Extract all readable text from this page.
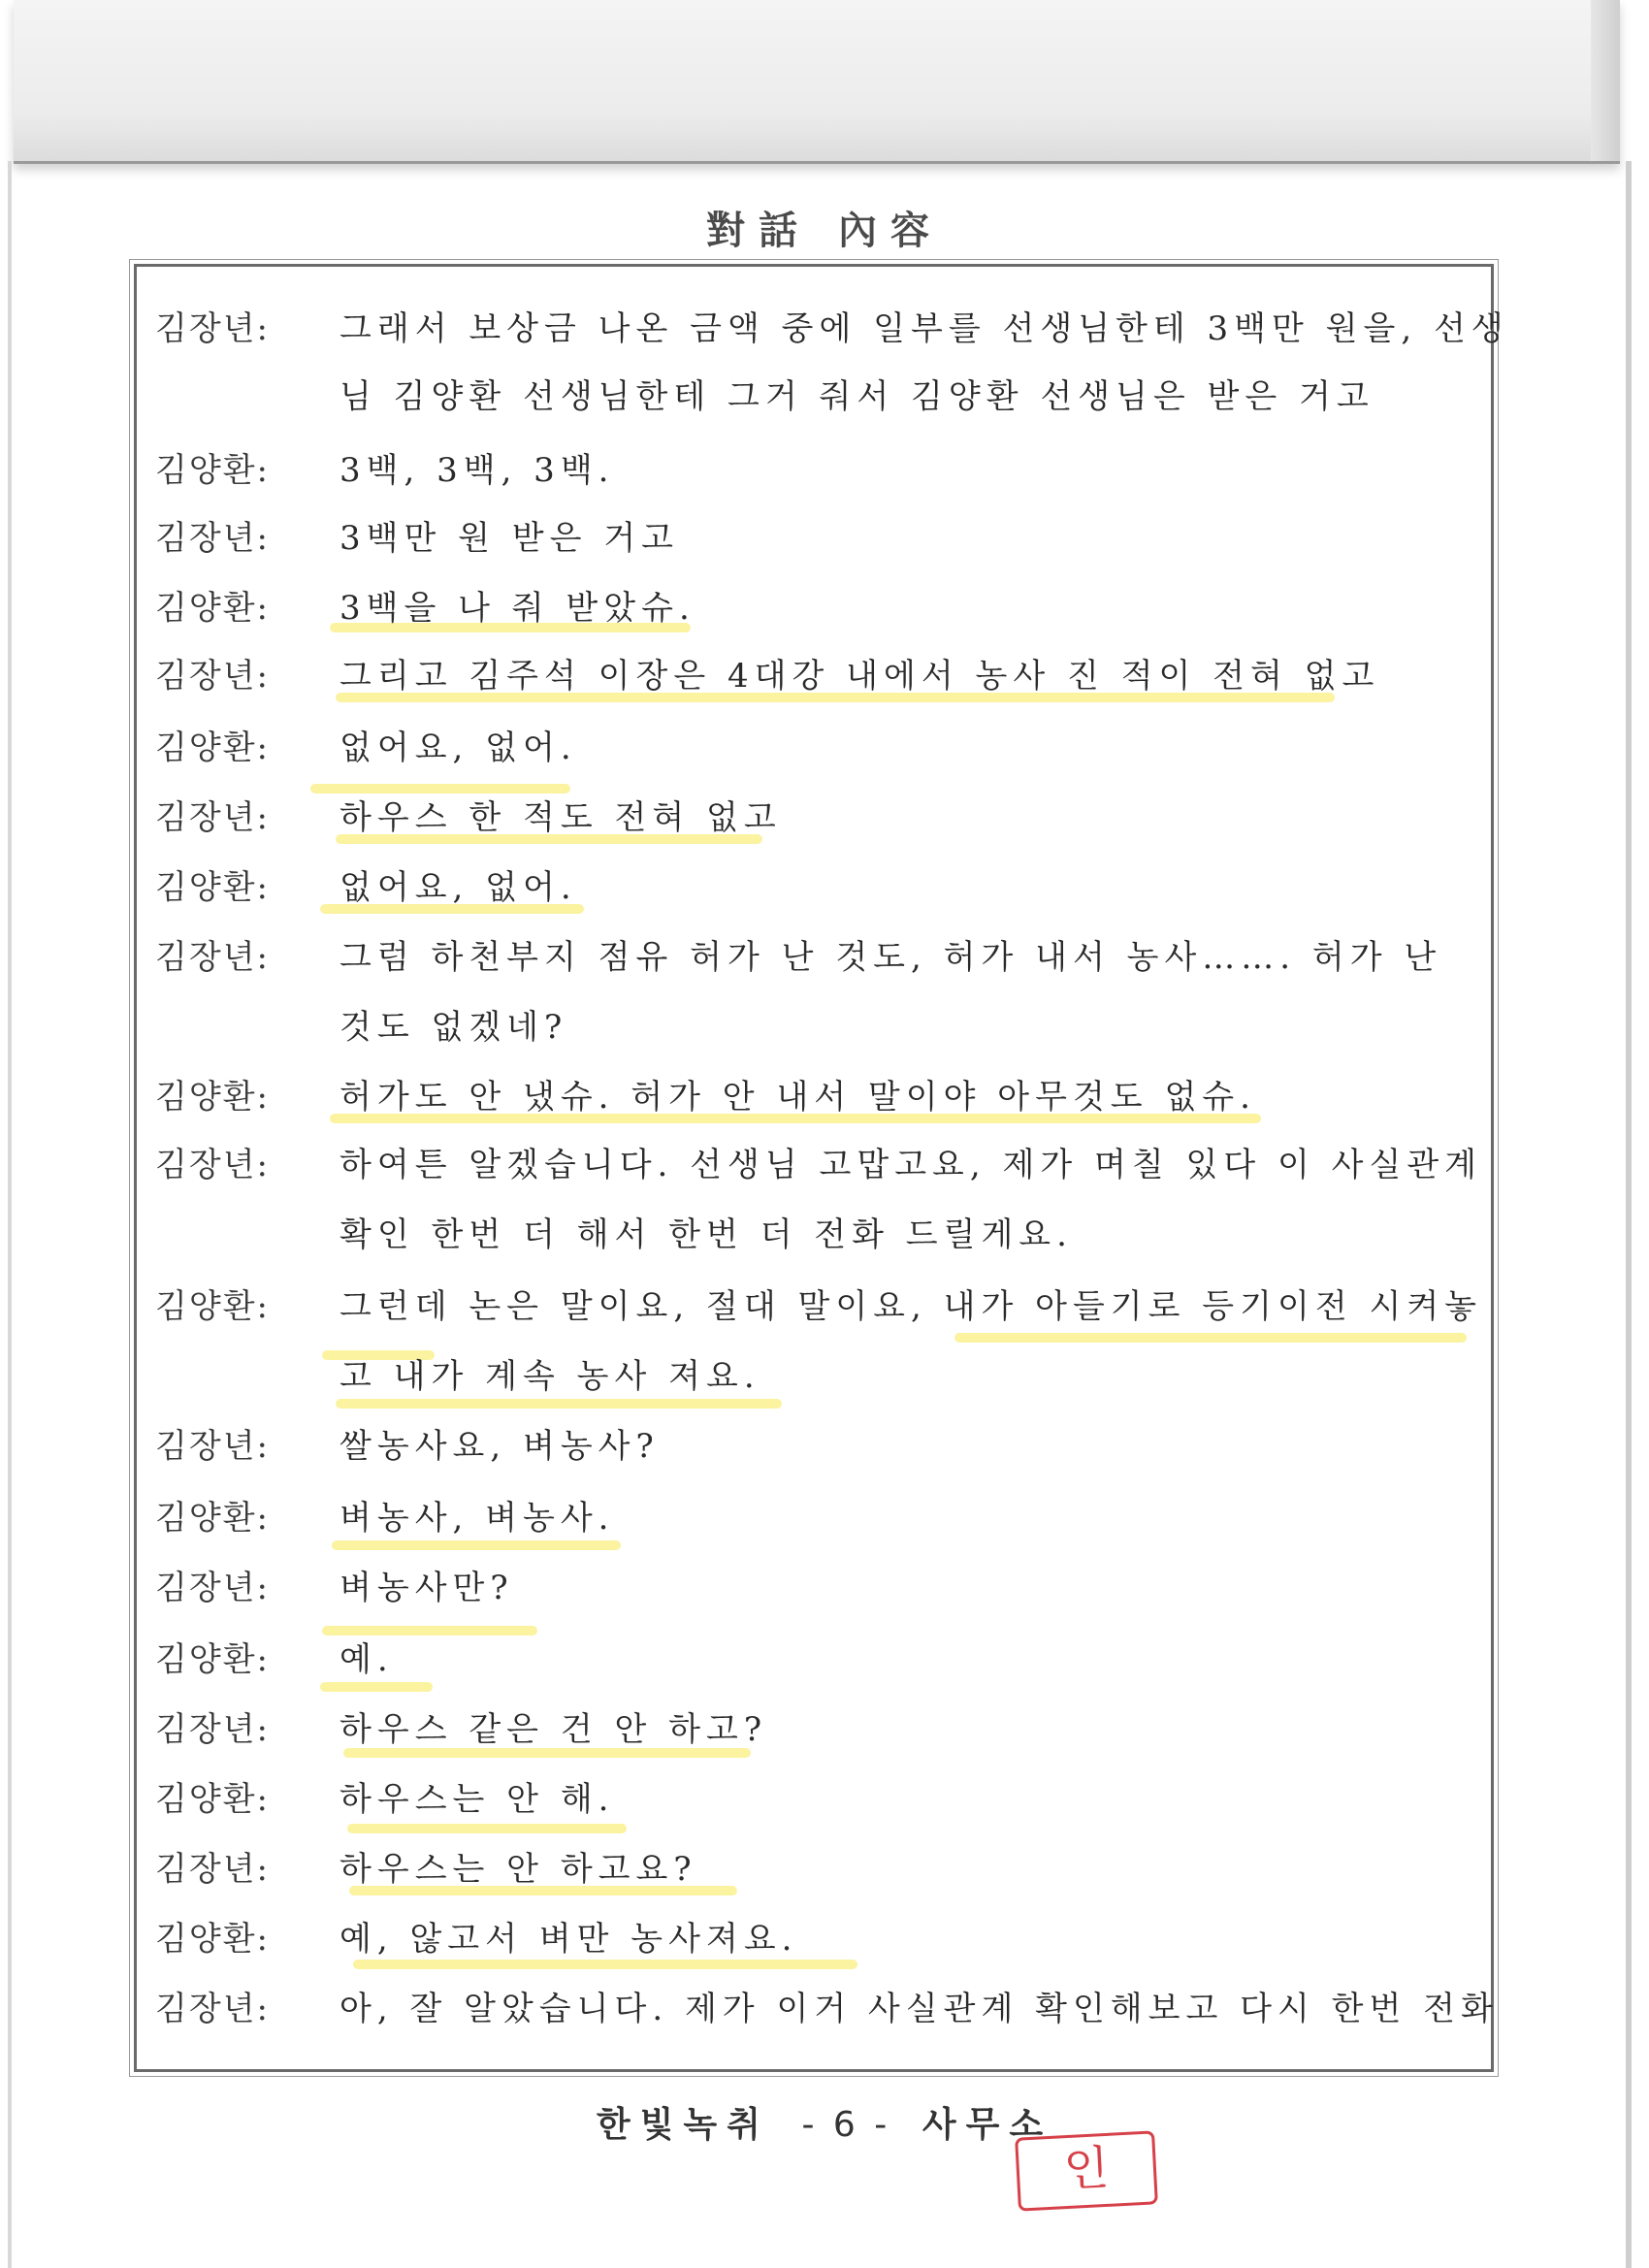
對話 內容
김장년: 그래서 보상금 나온 금액 중에 일부를 선생님한테 3백만 원을, 선생
님 김양환 선생님한테 그거 줘서 김양환 선생님은 받은 거고
김양환: 3백, 3백, 3백.
김장년: 3백만 원 받은 거고
김양환: 3백을 나 줘 받았슈.
김장년: 그리고 김주석 이장은 4대강 내에서 농사 진 적이 전혀 없고
김양환: 없어요, 없어.
김장년: 하우스 한 적도 전혀 없고
김양환: 없어요, 없어.
김장년: 그럼 하천부지 점유 허가 난 것도, 허가 내서 농사……. 허가 난
것도 없겠네?
김양환: 허가도 안 냈슈. 허가 안 내서 말이야 아무것도 없슈.
김장년: 하여튼 알겠습니다. 선생님 고맙고요, 제가 며칠 있다 이 사실관계
확인 한번 더 해서 한번 더 전화 드릴게요.
김양환: 그런데 논은 말이요, 절대 말이요, 내가 아들기로 등기이전 시켜놓
고 내가 계속 농사 져요.
김장년: 쌀농사요, 벼농사?
김양환: 벼농사, 벼농사.
김장년: 벼농사만?
김양환: 예.
김장년: 하우스 같은 건 안 하고?
김양환: 하우스는 안 해.
김장년: 하우스는 안 하고요?
김양환: 예, 않고서 벼만 농사져요.
김장년: 아, 잘 알았습니다. 제가 이거 사실관계 확인해보고 다시 한번 전화
한빛녹취 - 6 - 사무소
인
